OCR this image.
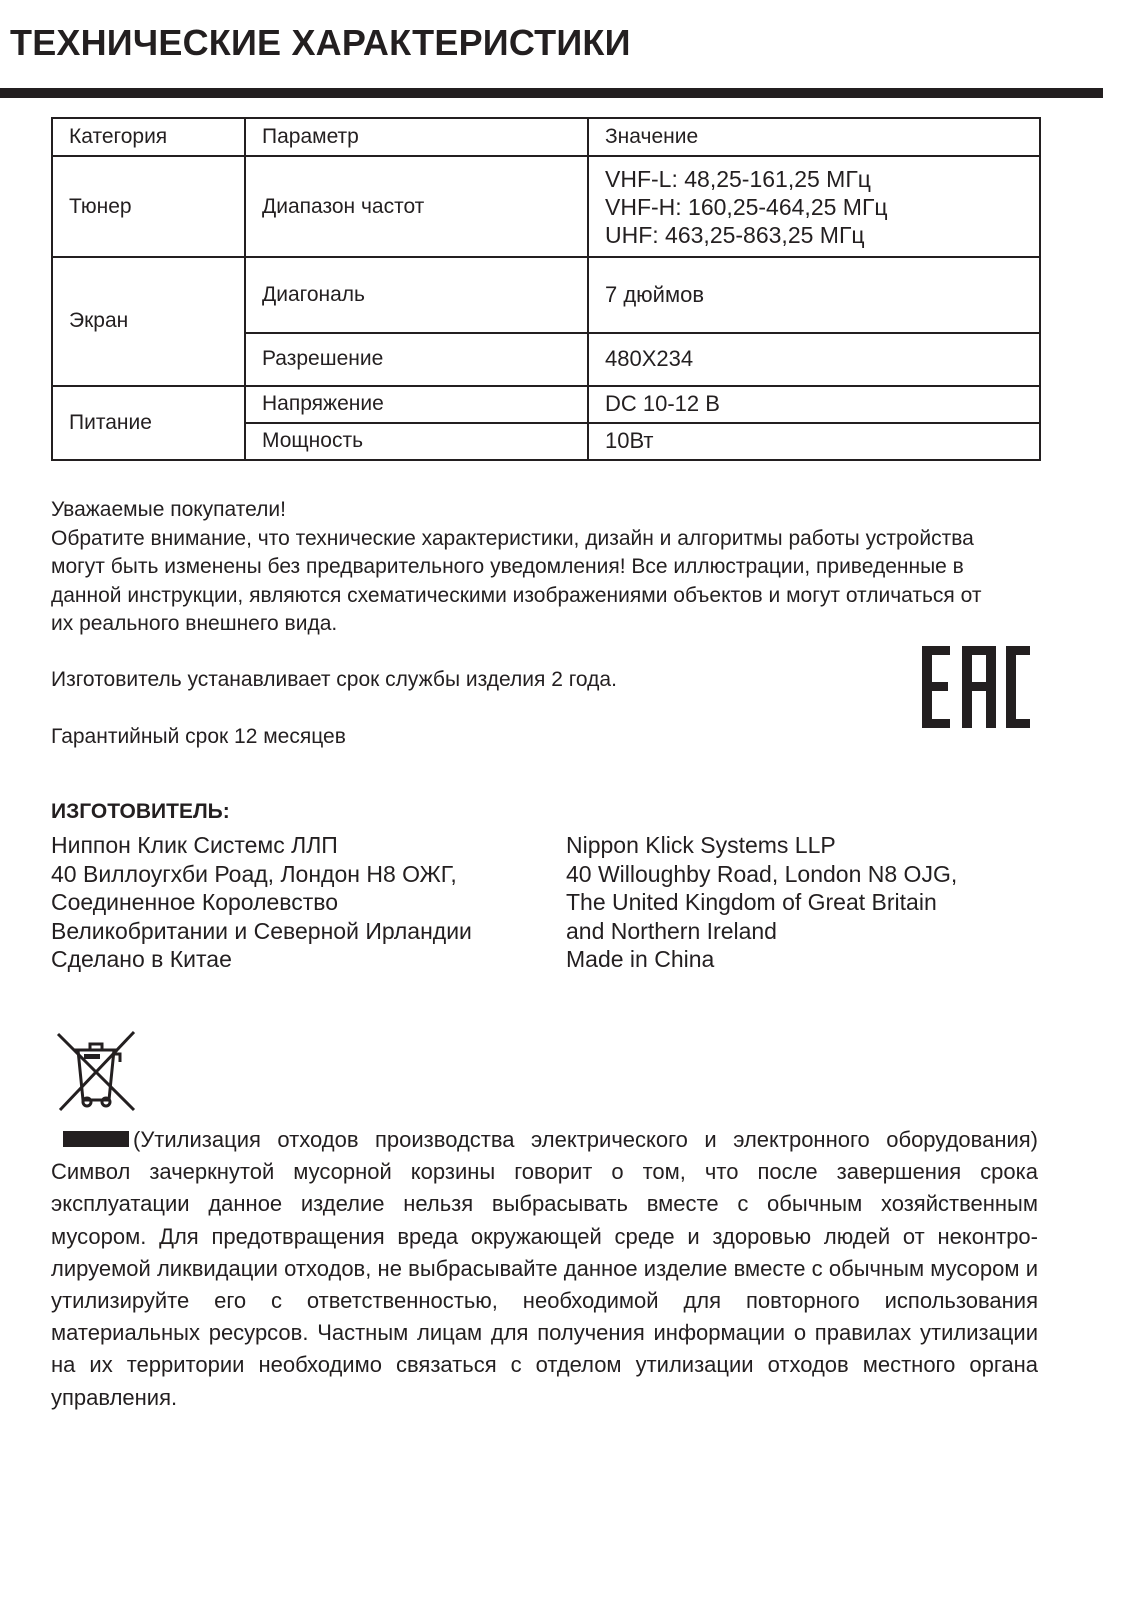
ТЕХНИЧЕСКИЕ ХАРАКТЕРИСТИКИ
Категория	Параметр	Значение
Тюнер	Диапазон частот	VHF-L: 48,25-161,25 МГц
VHF-H: 160,25-464,25 МГц
UHF: 463,25-863,25 МГц

Экран	Диагональ	7 дюймов
	Разрешение	480X234
Питание	Напряжение	DC 10-12 В
	Мощность	10Вт
Уважаемые покупатели!
Обратите внимание, что технические характеристики, дизайн и алгоритмы работы устройства
могут быть изменены без предварительного уведомления! Все иллюстрации, приведенные в
данной инструкции, являются схематическими изображениями объектов и могут отличаться от
их реального внешнего вида.
Изготовитель устанавливает срок службы изделия 2 года.
Гарантийный срок 12 месяцев
ИЗГОТОВИТЕЛЬ:
Ниппон Клик Системс ЛЛП
40 Виллоугхби Роад, Лондон Н8 ОЖГ,
Соединенное Королевство
Великобритании и Северной Ирландии
Сделано в Китае
Nippon Klick Systems LLP
40 Willoughby Road, London N8 OJG,
The United Kingdom of Great Britain
and Northern Ireland
Made in China
(Утилизация отходов производства электрического и электронного оборудования) Символ зачеркнутой мусорной корзины говорит о том, что после завершения срока эксплуатации данное изделие нельзя выбрасывать вместе с обычным хозяйственным мусором. Для предотвращения вреда окружающей среде и здоровью людей от неконтролируемой ликвидации отходов, не выбрасывайте данное изделие вместе с обычным мусором и утилизируйте его с ответственностью, необходимой для повторного использования материальных ресурсов. Частным лицам для получения информации о правилах утилизации на их территории необходимо связаться с отделом утилизации отходов местного органа управления.
